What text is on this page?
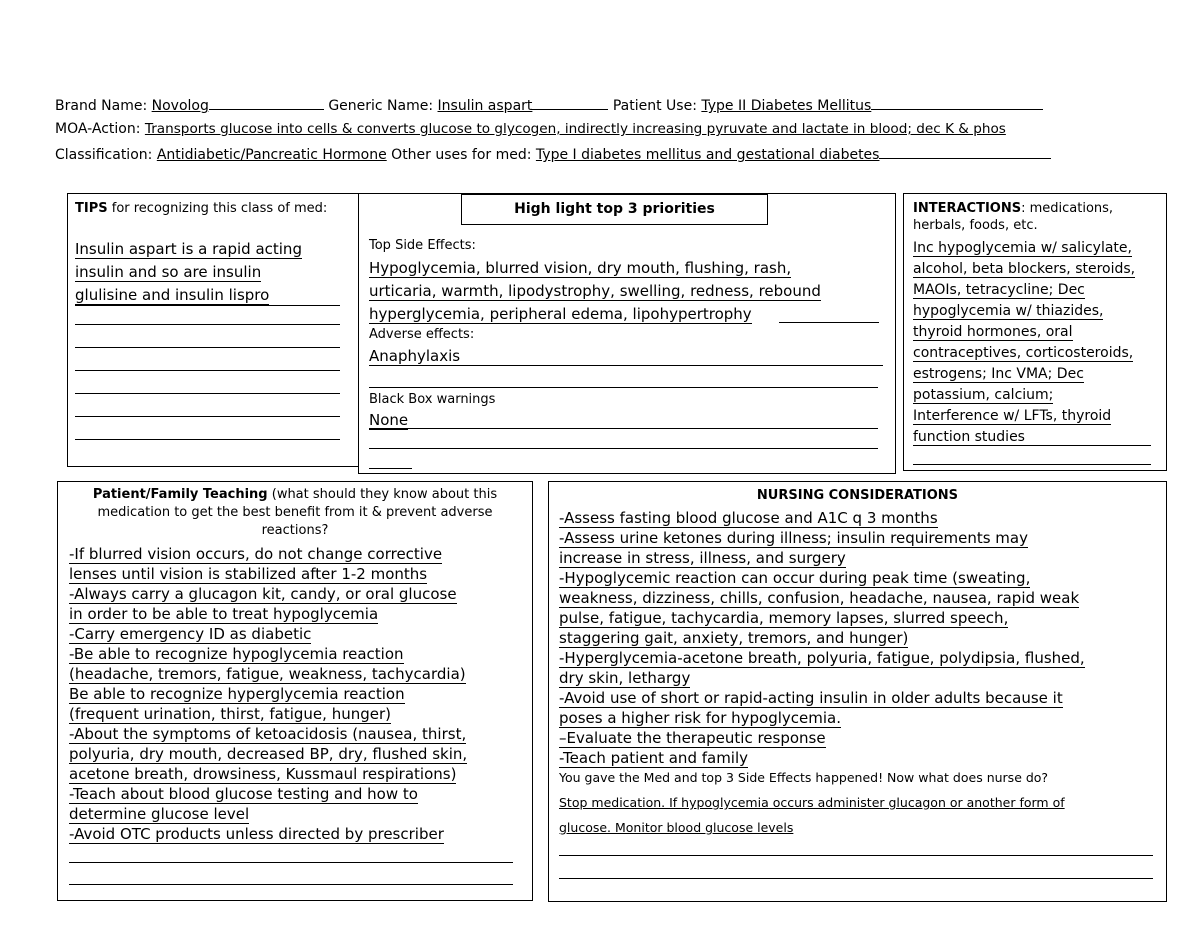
Brand Name: Novolog	Generic Name: Insulin aspart	Patient Use: Type II Diabetes Mellitus
MOA-Action: Transports glucose into cells & converts glucose to glycogen, indirectly increasing pyruvate and lactate in blood; dec K & phos
Classification: Antidiabetic/Pancreatic Hormone Other uses for med: Type I diabetes mellitus and gestational diabetes
TIPS for recognizing this class of med:
Insulin aspart is a rapid acting
insulin and so are insulin
glulisine and insulin lispro
High light top 3 priorities
Top Side Effects:
Hypoglycemia, blurred vision, dry mouth, flushing, rash,
urticaria, warmth, lipodystrophy, swelling, redness, rebound
hyperglycemia, peripheral edema, lipohypertrophy
Adverse effects:
Anaphylaxis
Black Box warnings
None
INTERACTIONS: medications, herbals, foods, etc.
Inc hypoglycemia w/ salicylate,
alcohol, beta blockers, steroids,
MAOIs, tetracycline; Dec
hypoglycemia w/ thiazides,
thyroid hormones, oral
contraceptives, corticosteroids,
estrogens; Inc VMA; Dec
potassium, calcium;
Interference w/ LFTs, thyroid
function studies
Patient/Family Teaching (what should they know about this medication to get the best benefit from it & prevent adverse reactions?
-If blurred vision occurs, do not change corrective
lenses until vision is stabilized after 1-2 months
-Always carry a glucagon kit, candy, or oral glucose
in order to be able to treat hypoglycemia
-Carry emergency ID as diabetic
-Be able to recognize hypoglycemia reaction
(headache, tremors, fatigue, weakness, tachycardia)
Be able to recognize hyperglycemia reaction
(frequent urination, thirst, fatigue, hunger)
-About the symptoms of ketoacidosis (nausea, thirst,
polyuria, dry mouth, decreased BP, dry, flushed skin,
acetone breath, drowsiness, Kussmaul respirations)
-Teach about blood glucose testing and how to
determine glucose level
-Avoid OTC products unless directed by prescriber
NURSING CONSIDERATIONS
-Assess fasting blood glucose and A1C q 3 months
-Assess urine ketones during illness; insulin requirements may
increase in stress, illness, and surgery
-Hypoglycemic reaction can occur during peak time (sweating,
weakness, dizziness, chills, confusion, headache, nausea, rapid weak
pulse, fatigue, tachycardia, memory lapses, slurred speech,
staggering gait, anxiety, tremors, and hunger)
-Hyperglycemia-acetone breath, polyuria, fatigue, polydipsia, flushed,
dry skin, lethargy
-Avoid use of short or rapid-acting insulin in older adults because it
poses a higher risk for hypoglycemia.
–Evaluate the therapeutic response
-Teach patient and family
You gave the Med and top 3 Side Effects happened! Now what does nurse do?
Stop medication. If hypoglycemia occurs administer glucagon or another form of
glucose. Monitor blood glucose levels
